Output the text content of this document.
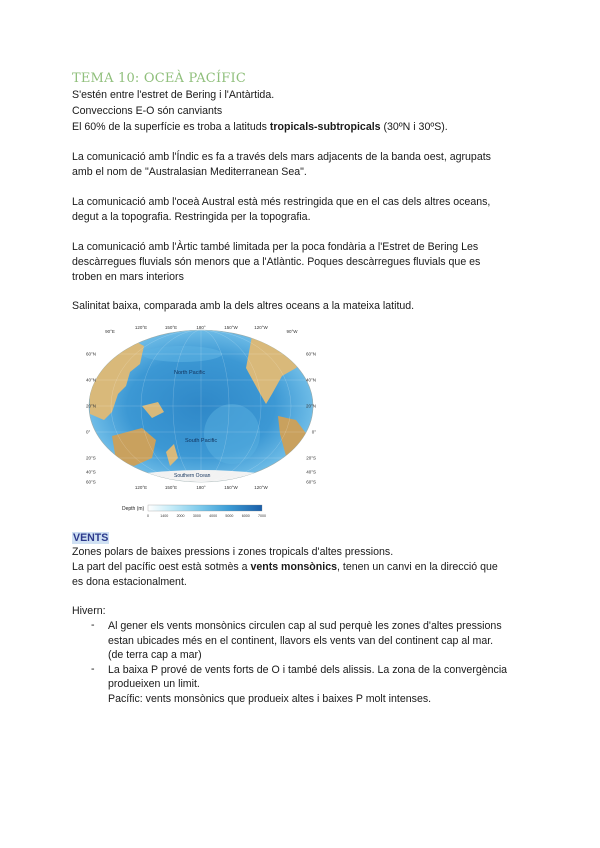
TEMA 10: OCEÀ PACÍFIC
S'estén entre l'estret de Bering i l'Antàrtida.
Conveccions E-O són canviants
El 60% de la superfície es troba a latituds tropicals-subtropicals (30ºN i 30ºS).
La comunicació amb l'Índic es fa a través dels mars adjacents de la banda oest, agrupats
amb el nom de "Australasian Mediterranean Sea".
La comunicació amb l'oceà Austral està més restringida que en el cas dels altres oceans,
degut a la topografia. Restringida per la topografia.
La comunicació amb l'Àrtic també limitada per la poca fondària a l'Estret de Bering Les
descàrregues fluvials són menors que a l'Atlàntic. Poques descàrregues fluvials que es
troben en mars interiors
Salinitat baixa, comparada amb la dels altres oceans a la mateixa latitud.
North Pacific
South Pacific
Southern Ocean
120°E	150°E	180°	150°W	120°W
90°E	90°W
120°E	150°E	180°	150°W	120°W
60°N
40°N
20°N
0°
20°S
40°S
60°S
60°N
40°N
20°N
0°
20°S
40°S
60°S
Depth (m)
0	1400 2000 3000 4000 5000 6000 7000
VENTS
Zones polars de baixes pressions i zones tropicals d'altes pressions.
La part del pacífic oest està sotmès a vents monsònics, tenen un canvi en la direcció que
es dona estacionalment.
Hivern:
- Al gener els vents monsònics circulen cap al sud perquè les zones d'altes pressions
estan ubicades més en el continent, llavors els vents van del continent cap al mar.
(de terra cap a mar)
- La baixa P prové de vents forts de O i també dels alissis. La zona de la convergència
produeixen un limit.
Pacífic: vents monsònics que produeix altes i baixes P molt intenses.
